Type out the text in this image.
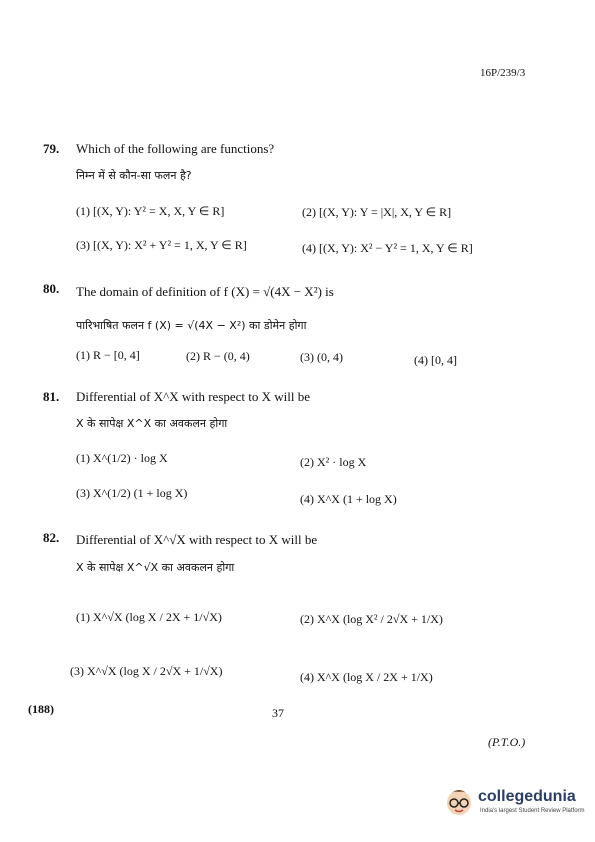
16P/239/3
79. Which of the following are functions?
निम्न में से कौन-सा फलन है?
(1) [(X, Y): Y² = X, X, Y ∈ R]	(2) [(X, Y): Y = |X|, X, Y ∈ R]
(3) [(X, Y): X² + Y² = 1, X, Y ∈ R]	(4) [(X, Y): X² − Y² = 1, X, Y ∈ R]
80. The domain of definition of f (X) = √(4X − X²) is
पारिभाषित फलन f (X) = √(4X − X²) का डोमेन होगा
(1) R − [0, 4]	(2) R − (0, 4)	(3) (0, 4)	(4) [0, 4]
81. Differential of X^X with respect to X will be
X के सापेक्ष X^X का अवकलन होगा
(1) X^(1/2) · log X	(2) X² · log X
(3) X^(1/2) (1 + log X)	(4) X^X (1 + log X)
82. Differential of X^√X with respect to X will be
X के सापेक्ष X^√X का अवकलन होगा
(1) X^√X (log X / 2X + 1/√X)	(2) X^X (log X² / 2√X + 1/X)
(3) X^√X (log X / 2√X + 1/√X)	(4) X^X (log X / 2X + 1/X)
(188)	37
(P.T.O.)
collegedunia
India's largest Student Review Platform
